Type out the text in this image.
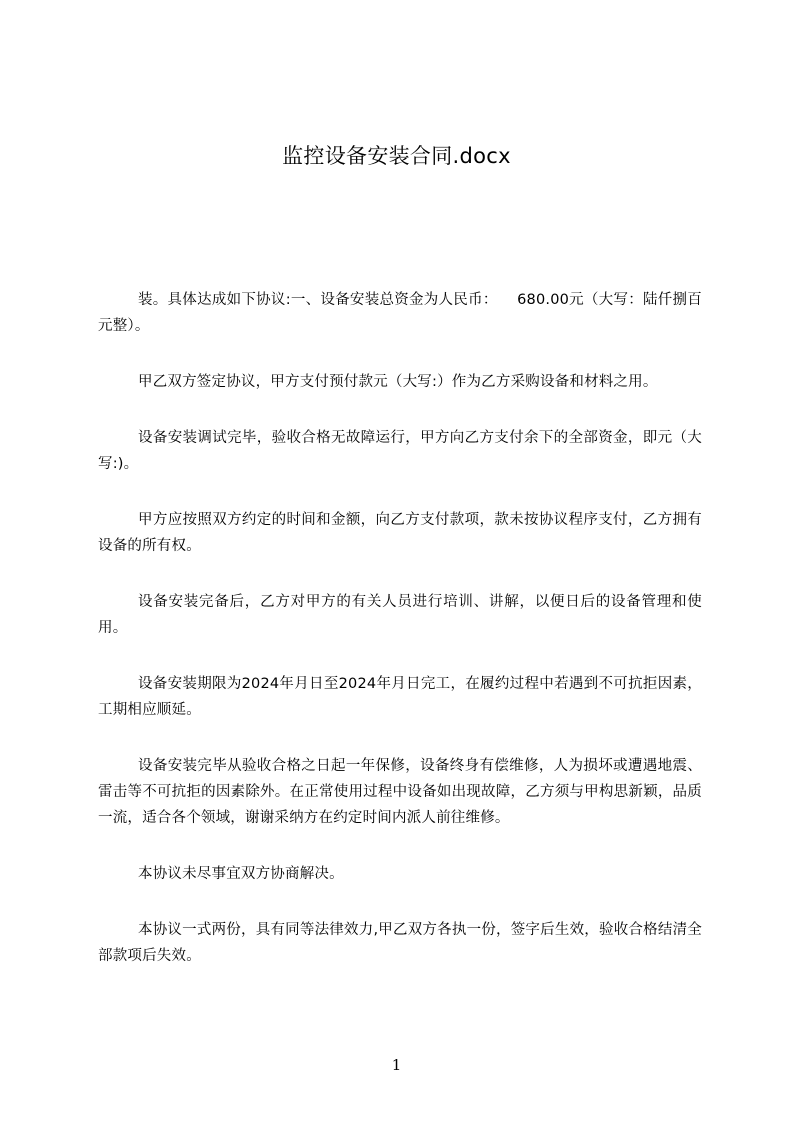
监控设备安装合同.docx

装。具体达成如下协议:一、设备安装总资金为人民币：    680.00元（大写：陆仟捌百元整）。

甲乙双方签定协议，甲方支付预付款元（大写:）作为乙方采购设备和材料之用。

设备安装调试完毕，验收合格无故障运行，甲方向乙方支付余下的全部资金，即元（大写:)。

甲方应按照双方约定的时间和金额，向乙方支付款项，款未按协议程序支付，乙方拥有设备的所有权。

设备安装完备后，乙方对甲方的有关人员进行培训、讲解，以便日后的设备管理和使用。

设备安装期限为2024年月日至2024年月日完工，在履约过程中若遇到不可抗拒因素，工期相应顺延。

设备安装完毕从验收合格之日起一年保修，设备终身有偿维修，人为损坏或遭遇地震、雷击等不可抗拒的因素除外。在正常使用过程中设备如出现故障，乙方须与甲构思新颖，品质一流，适合各个领域，谢谢采纳方在约定时间内派人前往维修。

本协议未尽事宜双方协商解决。

本协议一式两份，具有同等法律效力,甲乙双方各执一份，签字后生效，验收合格结清全部款项后失效。

1
